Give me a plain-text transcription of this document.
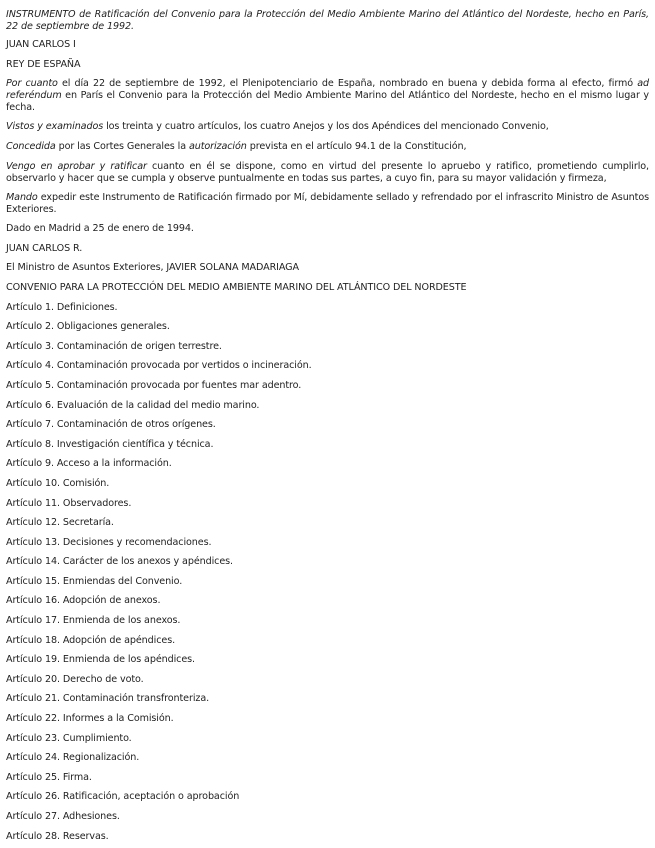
INSTRUMENTO de Ratificación del Convenio para la Protección del Medio Ambiente Marino del Atlántico del Nordeste, hecho en París, 22 de septiembre de 1992.

JUAN CARLOS I

REY DE ESPAÑA

Por cuanto el día 22 de septiembre de 1992, el Plenipotenciario de España, nombrado en buena y debida forma al efecto, firmó ad referéndum en París el Convenio para la Protección del Medio Ambiente Marino del Atlántico del Nordeste, hecho en el mismo lugar y fecha.

Vistos y examinados los treinta y cuatro artículos, los cuatro Anejos y los dos Apéndices del mencionado Convenio,

Concedida por las Cortes Generales la autorización prevista en el artículo 94.1 de la Constitución,

Vengo en aprobar y ratificar cuanto en él se dispone, como en virtud del presente lo apruebo y ratifico, prometiendo cumplirlo, observarlo y hacer que se cumpla y observe puntualmente en todas sus partes, a cuyo fin, para su mayor validación y firmeza,

Mando expedir este Instrumento de Ratificación firmado por Mí, debidamente sellado y refrendado por el infrascrito Ministro de Asuntos Exteriores.

Dado en Madrid a 25 de enero de 1994.

JUAN CARLOS R.

El Ministro de Asuntos Exteriores, JAVIER SOLANA MADARIAGA

CONVENIO PARA LA PROTECCIÓN DEL MEDIO AMBIENTE MARINO DEL ATLÁNTICO DEL NORDESTE

Artículo 1. Definiciones.

Artículo 2. Obligaciones generales.

Artículo 3. Contaminación de origen terrestre.

Artículo 4. Contaminación provocada por vertidos o incineración.

Artículo 5. Contaminación provocada por fuentes mar adentro.

Artículo 6. Evaluación de la calidad del medio marino.

Artículo 7. Contaminación de otros orígenes.

Artículo 8. Investigación científica y técnica.

Artículo 9. Acceso a la información.

Artículo 10. Comisión.

Artículo 11. Observadores.

Artículo 12. Secretaría.

Artículo 13. Decisiones y recomendaciones.

Artículo 14. Carácter de los anexos y apéndices.

Artículo 15. Enmiendas del Convenio.

Artículo 16. Adopción de anexos.

Artículo 17. Enmienda de los anexos.

Artículo 18. Adopción de apéndices.

Artículo 19. Enmienda de los apéndices.

Artículo 20. Derecho de voto.

Artículo 21. Contaminación transfronteriza.

Artículo 22. Informes a la Comisión.

Artículo 23. Cumplimiento.

Artículo 24. Regionalización.

Artículo 25. Firma.

Artículo 26. Ratificación, aceptación o aprobación

Artículo 27. Adhesiones.

Artículo 28. Reservas.
